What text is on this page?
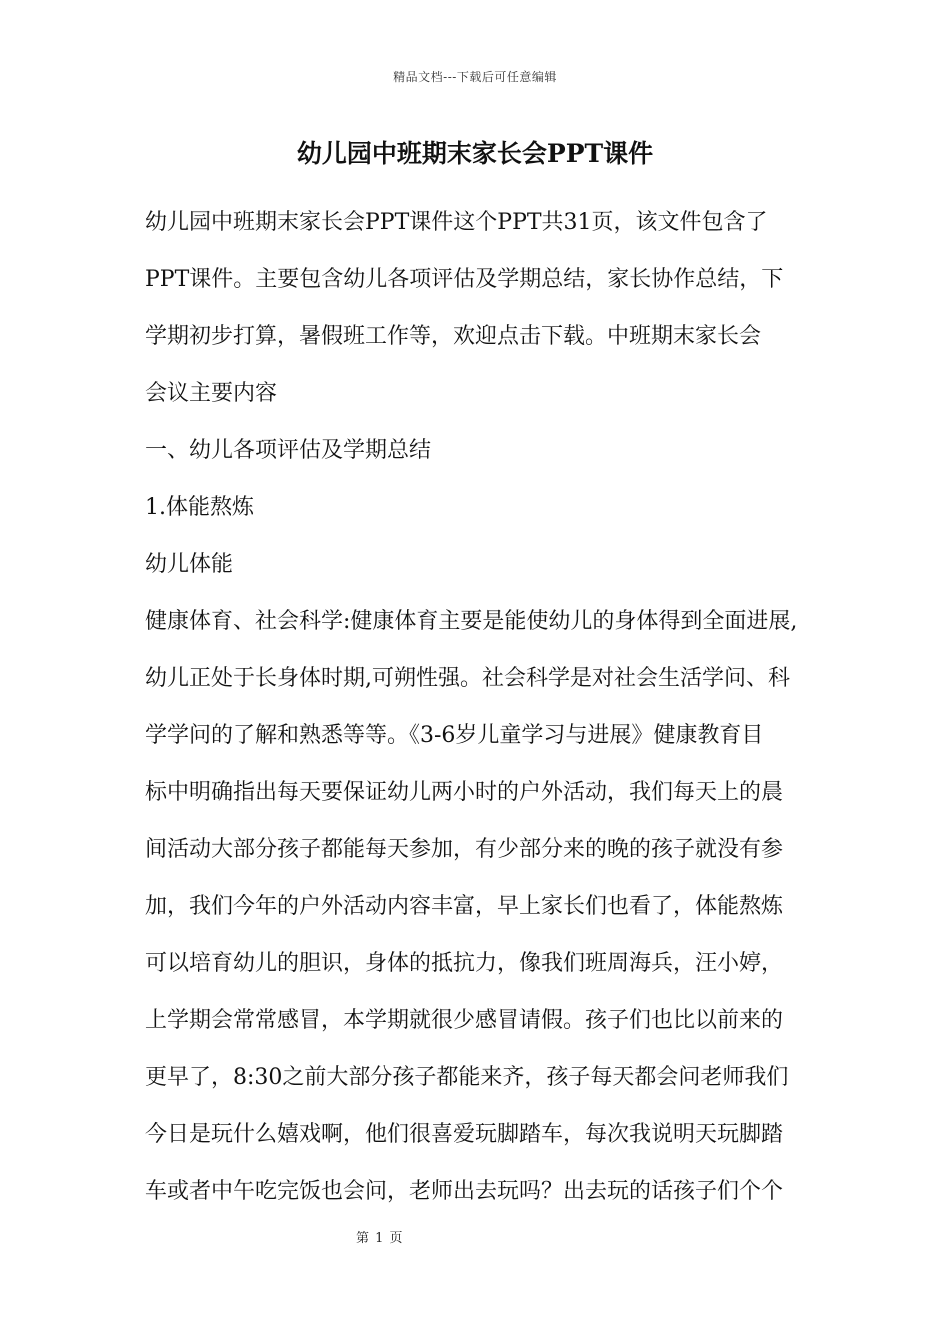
精品文档---下载后可任意编辑
幼儿园中班期末家长会PPT课件
幼儿园中班期末家长会PPT课件这个PPT共31页，该文件包含了
PPT课件。主要包含幼儿各项评估及学期总结，家长协作总结，下
学期初步打算，暑假班工作等，欢迎点击下载。中班期末家长会
会议主要内容
一、幼儿各项评估及学期总结
1.体能熬炼
幼儿体能
健康体育、社会科学:健康体育主要是能使幼儿的身体得到全面进展,
幼儿正处于长身体时期,可朔性强。社会科学是对社会生活学问、科
学学问的了解和熟悉等等。《3-6岁儿童学习与进展》健康教育目
标中明确指出每天要保证幼儿两小时的户外活动，我们每天上的晨
间活动大部分孩子都能每天参加，有少部分来的晚的孩子就没有参
加，我们今年的户外活动内容丰富，早上家长们也看了，体能熬炼
可以培育幼儿的胆识，身体的抵抗力，像我们班周海兵，汪小婷，
上学期会常常感冒，本学期就很少感冒请假。孩子们也比以前来的
更早了，8:30之前大部分孩子都能来齐，孩子每天都会问老师我们
今日是玩什么嬉戏啊，他们很喜爱玩脚踏车，每次我说明天玩脚踏
车或者中午吃完饭也会问，老师出去玩吗？出去玩的话孩子们个个
第 1 页
